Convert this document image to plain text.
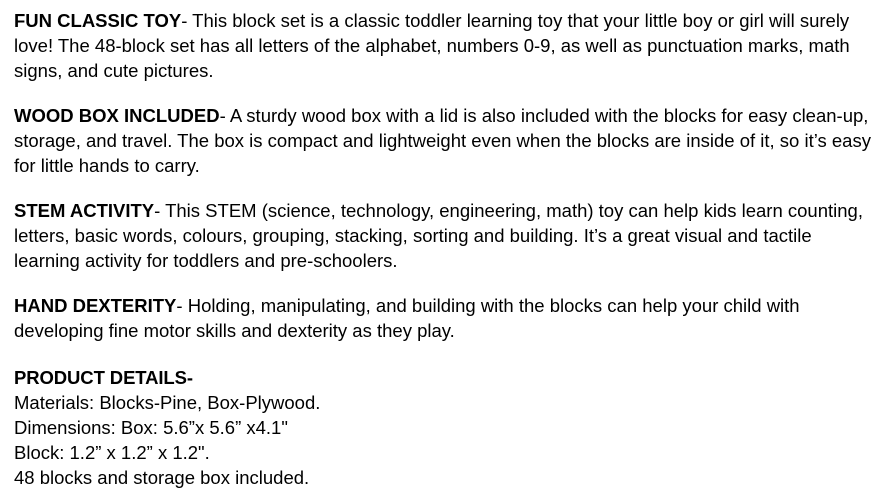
FUN CLASSIC TOY- This block set is a classic toddler learning toy that your little boy or girl will surely love! The 48-block set has all letters of the alphabet, numbers 0-9, as well as punctuation marks, math signs, and cute pictures.

WOOD BOX INCLUDED- A sturdy wood box with a lid is also included with the blocks for easy clean-up, storage, and travel. The box is compact and lightweight even when the blocks are inside of it, so it’s easy for little hands to carry.

STEM ACTIVITY- This STEM (science, technology, engineering, math) toy can help kids learn counting, letters, basic words, colours, grouping, stacking, sorting and building. It’s a great visual and tactile learning activity for toddlers and pre-schoolers.

HAND DEXTERITY- Holding, manipulating, and building with the blocks can help your child with developing fine motor skills and dexterity as they play.

PRODUCT DETAILS-
Materials: Blocks-Pine, Box-Plywood.
Dimensions: Box: 5.6”x 5.6” x4.1"
Block: 1.2” x 1.2” x 1.2".
48 blocks and storage box included.
